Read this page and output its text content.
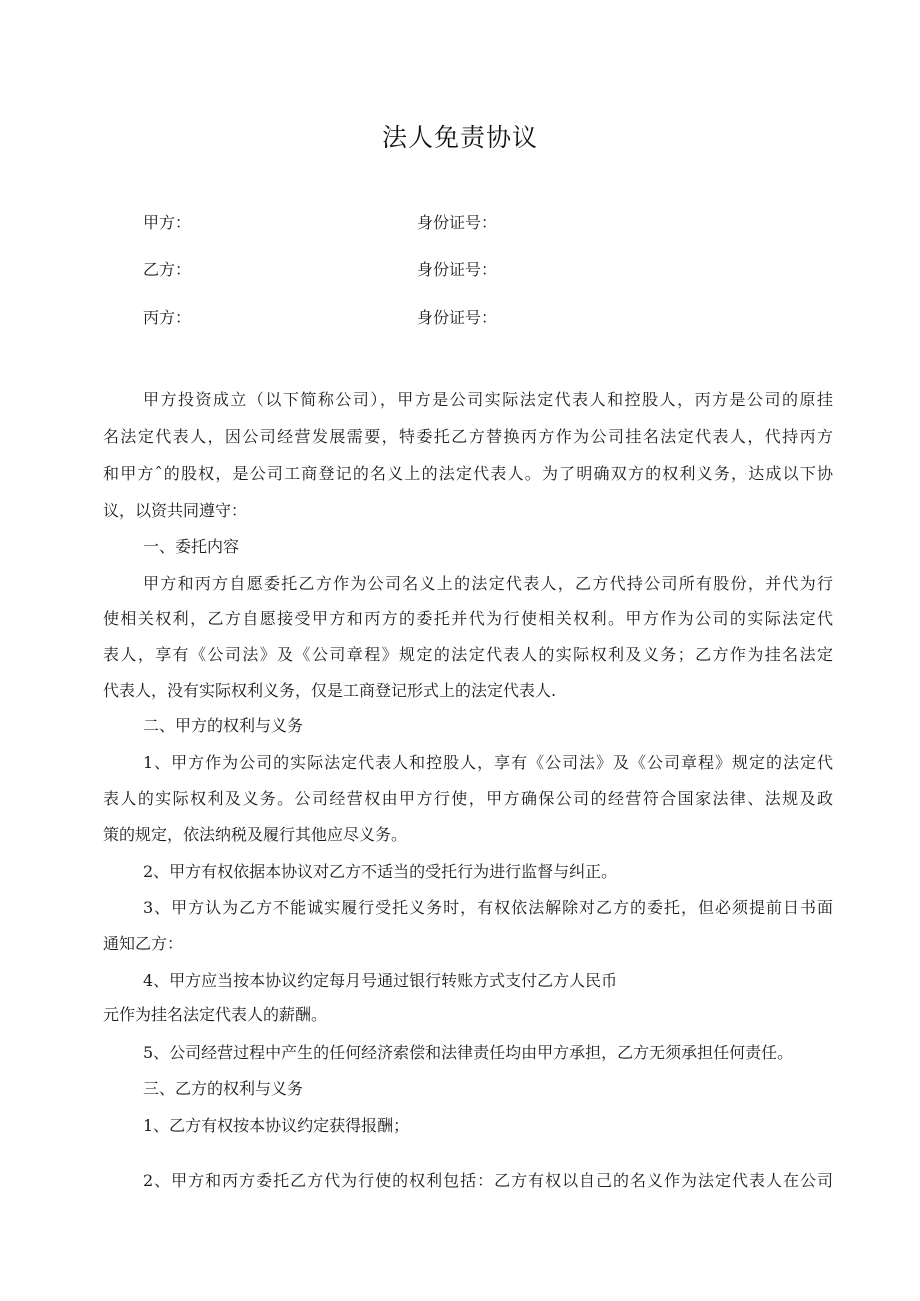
法人免责协议
甲方：	身份证号：
乙方：	身份证号：
丙方：	身份证号：
甲方投资成立（以下简称公司），甲方是公司实际法定代表人和控股人，丙方是公司的原挂
名法定代表人，因公司经营发展需要，特委托乙方替换丙方作为公司挂名法定代表人，代持丙方
和甲方ˆ的股权，是公司工商登记的名义上的法定代表人。为了明确双方的权利义务，达成以下协
议，以资共同遵守：
一、委托内容
甲方和丙方自愿委托乙方作为公司名义上的法定代表人，乙方代持公司所有股份，并代为行
使相关权利，乙方自愿接受甲方和丙方的委托并代为行使相关权利。甲方作为公司的实际法定代
表人，享有《公司法》及《公司章程》规定的法定代表人的实际权利及义务；乙方作为挂名法定
代表人，没有实际权利义务，仅是工商登记形式上的法定代表人.
二、甲方的权利与义务
1、甲方作为公司的实际法定代表人和控股人，享有《公司法》及《公司章程》规定的法定代
表人的实际权利及义务。公司经营权由甲方行使，甲方确保公司的经营符合国家法律、法规及政
策的规定，依法纳税及履行其他应尽义务。
2、甲方有权依据本协议对乙方不适当的受托行为进行监督与纠正。
3、甲方认为乙方不能诚实履行受托义务时，有权依法解除对乙方的委托，但必须提前日书面
通知乙方：
4、甲方应当按本协议约定每月号通过银行转账方式支付乙方人民币
元作为挂名法定代表人的薪酬。
5、公司经营过程中产生的任何经济索偿和法律责任均由甲方承担，乙方无须承担任何责任。
三、乙方的权利与义务
1、乙方有权按本协议约定获得报酬；
2、甲方和丙方委托乙方代为行使的权利包括：乙方有权以自己的名义作为法定代表人在公司
